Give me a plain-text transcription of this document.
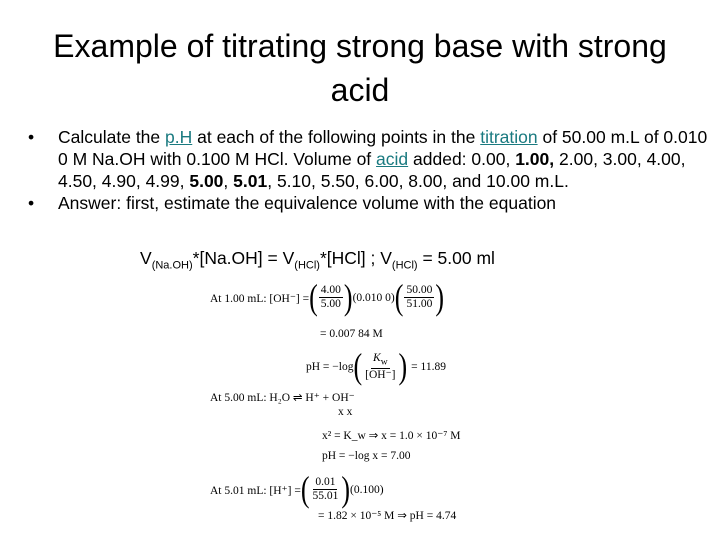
Example of titrating strong base with strong acid
•	Calculate the p.H at each of the following points in the titration of 50.00 m.L of 0.010 0 M Na.OH with 0.100 M HCl. Volume of acid added: 0.00, 1.00, 2.00, 3.00, 4.00, 4.50, 4.90, 4.99, 5.00, 5.01, 5.10, 5.50, 6.00, 8.00, and 10.00 m.L.
•	Answer: first, estimate the equivalence volume with the equation
$V_{(Na.OH)}*[Na.OH] = V_{(HCl)}*[HCl]$ ; $V_{(HCl)} = 5.00$ ml
At 1.00 mL: [OH⁻] = ( $\frac{4.00}{5.00}$ ) (0.010 0) ( $\frac{50.00}{51.00}$ )
= 0.007 84 M
pH = −log ( $\frac{K_w}{[OH^-]}$ ) = 11.89
At 5.00 mL: H₂O ⇌ H⁺ + OH⁻
x x
x² = K_w ⇒ x = 1.0 × 10⁻⁷ M
pH = −log x = 7.00
At 5.01 mL: [H⁺] = ( $\frac{0.01}{55.01}$ ) (0.100)
= 1.82 × 10⁻⁵ M ⇒ pH = 4.74
